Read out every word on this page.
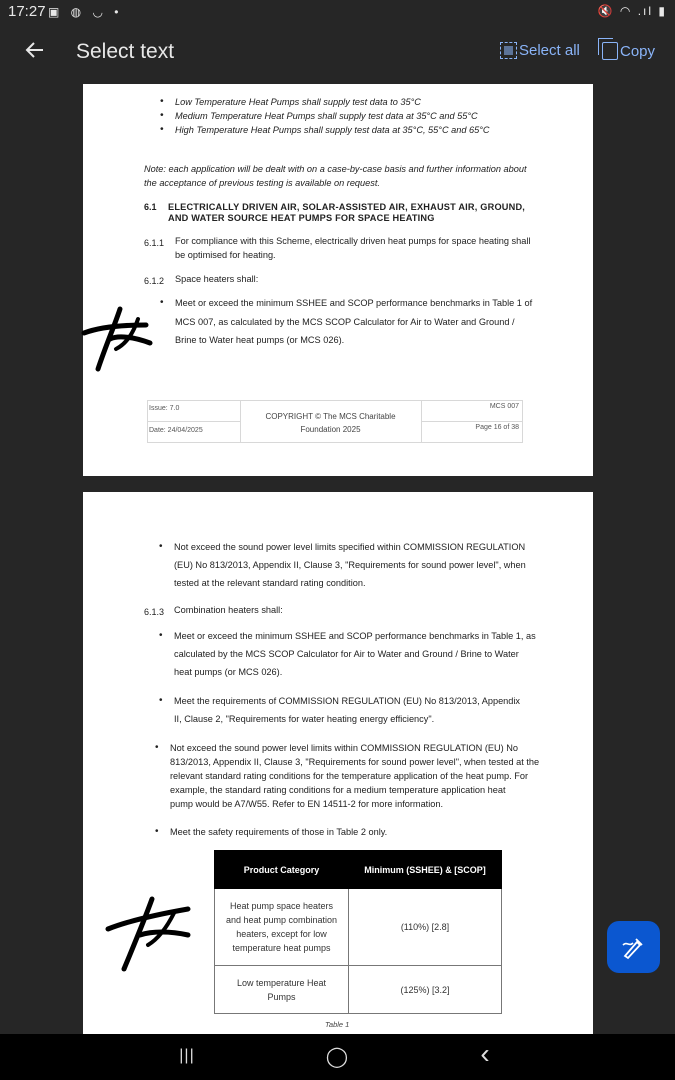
17:27 ▣ ◍ ◡ •	🔇 ◠ .ıl ▮
Select text	Select all	Copy
• Low Temperature Heat Pumps shall supply test data to 35°C
• Medium Temperature Heat Pumps shall supply test data at 35°C and 55°C
• High Temperature Heat Pumps shall supply test data at 35°C, 55°C and 65°C
Note: each application will be dealt with on a case-by-case basis and further information about
the acceptance of previous testing is available on request.
6.1 ELECTRICALLY DRIVEN AIR, SOLAR-ASSISTED AIR, EXHAUST AIR, GROUND,
AND WATER SOURCE HEAT PUMPS FOR SPACE HEATING
6.1.1 For compliance with this Scheme, electrically driven heat pumps for space heating shall
be optimised for heating.
6.1.2 Space heaters shall:
• Meet or exceed the minimum SSHEE and SCOP performance benchmarks in Table 1 of
MCS 007, as calculated by the MCS SCOP Calculator for Air to Water and Ground /
Brine to Water heat pumps (or MCS 026).
Issue: 7.0
Date: 24/04/2025
COPYRIGHT © The MCS Charitable
Foundation 2025
MCS 007
Page 16 of 38
• Not exceed the sound power level limits specified within COMMISSION REGULATION
(EU) No 813/2013, Appendix II, Clause 3, "Requirements for sound power level", when
tested at the relevant standard rating condition.
6.1.3 Combination heaters shall:
• Meet or exceed the minimum SSHEE and SCOP performance benchmarks in Table 1, as
calculated by the MCS SCOP Calculator for Air to Water and Ground / Brine to Water
heat pumps (or MCS 026).
• Meet the requirements of COMMISSION REGULATION (EU) No 813/2013, Appendix
II, Clause 2, "Requirements for water heating energy efficiency".
• Not exceed the sound power level limits within COMMISSION REGULATION (EU) No
813/2013, Appendix II, Clause 3, "Requirements for sound power level", when tested at the
relevant standard rating conditions for the temperature application of the heat pump. For
example, the standard rating conditions for a medium temperature application heat
pump would be A7/W55. Refer to EN 14511-2 for more information.
• Meet the safety requirements of those in Table 2 only.
Product Category	Minimum (SSHEE) & [SCOP]

Heat pump space heaters
and heat pump combination
heaters, except for low
temperature heat pumps	(110%) [2.8]

Low temperature Heat
Pumps	(125%) [3.2]
Table 1
|||	◯	‹
